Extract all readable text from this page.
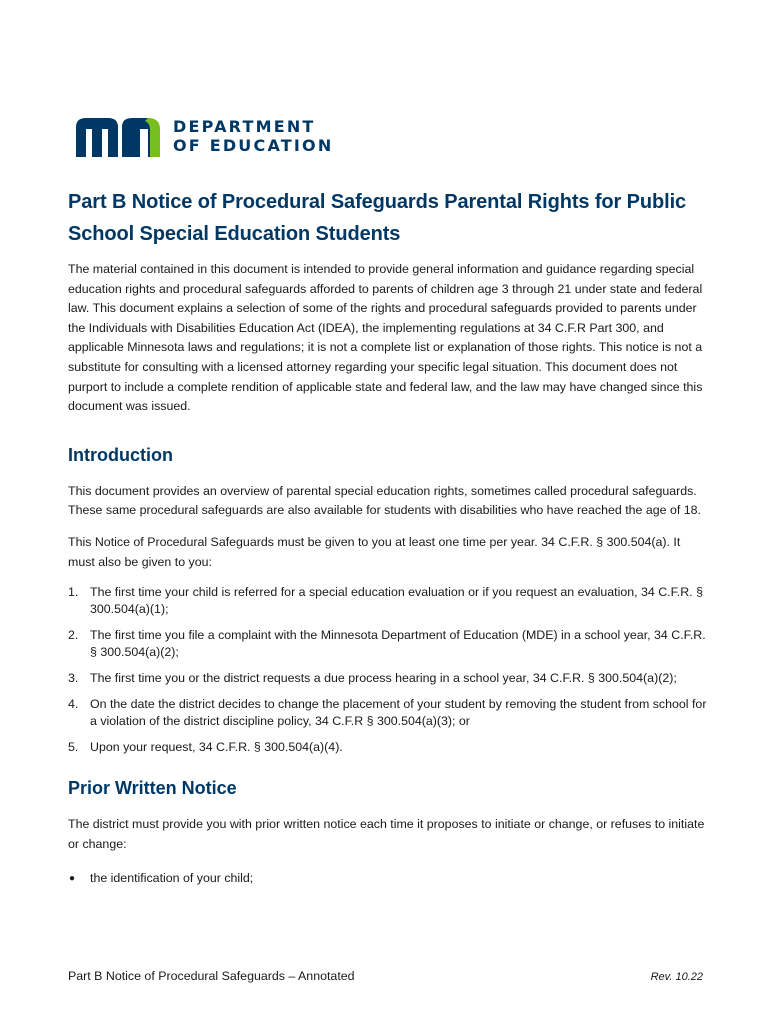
DEPARTMENT
OF EDUCATION
Part B Notice of Procedural Safeguards Parental Rights for Public School Special Education Students

The material contained in this document is intended to provide general information and guidance regarding special education rights and procedural safeguards afforded to parents of children age 3 through 21 under state and federal law. This document explains a selection of some of the rights and procedural safeguards provided to parents under the Individuals with Disabilities Education Act (IDEA), the implementing regulations at 34 C.F.R Part 300, and applicable Minnesota laws and regulations; it is not a complete list or explanation of those rights. This notice is not a substitute for consulting with a licensed attorney regarding your specific legal situation. This document does not purport to include a complete rendition of applicable state and federal law, and the law may have changed since this document was issued.

Introduction

This document provides an overview of parental special education rights, sometimes called procedural safeguards. These same procedural safeguards are also available for students with disabilities who have reached the age of 18.

This Notice of Procedural Safeguards must be given to you at least one time per year. 34 C.F.R. § 300.504(a). It must also be given to you:

1. The first time your child is referred for a special education evaluation or if you request an evaluation, 34 C.F.R. § 300.504(a)(1);
2. The first time you file a complaint with the Minnesota Department of Education (MDE) in a school year, 34 C.F.R. § 300.504(a)(2);
3. The first time you or the district requests a due process hearing in a school year, 34 C.F.R. § 300.504(a)(2);
4. On the date the district decides to change the placement of your student by removing the student from school for a violation of the district discipline policy, 34 C.F.R § 300.504(a)(3); or
5. Upon your request, 34 C.F.R. § 300.504(a)(4).
Prior Written Notice

The district must provide you with prior written notice each time it proposes to initiate or change, or refuses to initiate or change:

● the identification of your child;
Part B Notice of Procedural Safeguards – Annotated	Rev. 10.22
